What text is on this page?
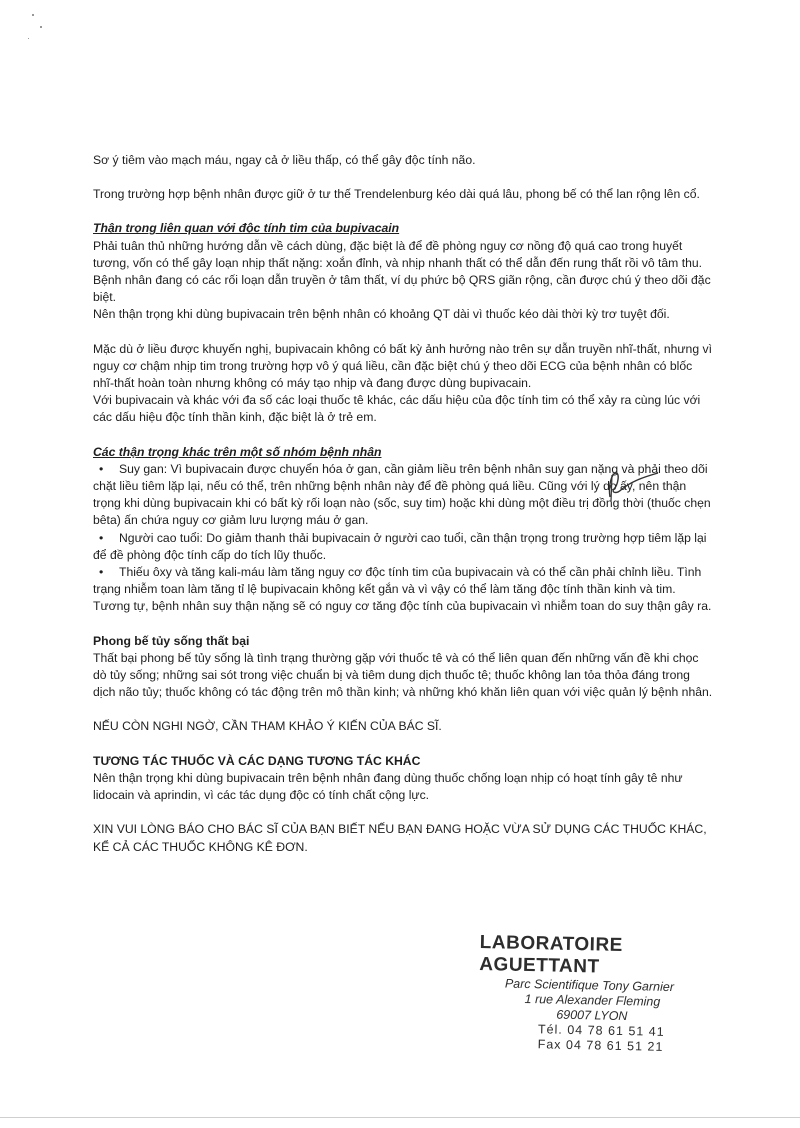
Sơ ý tiêm vào mạch máu, ngay cả ở liều thấp, có thể gây độc tính não.

Trong trường hợp bệnh nhân được giữ ở tư thế Trendelenburg kéo dài quá lâu, phong bế có thể lan rộng lên cổ.

Thận trọng liên quan với độc tính tim của bupivacain

Phải tuân thủ những hướng dẫn về cách dùng, đặc biệt là để đề phòng nguy cơ nồng độ quá cao trong huyết tương, vốn có thể gây loạn nhịp thất nặng: xoắn đỉnh, và nhịp nhanh thất có thể dẫn đến rung thất rồi vô tâm thu.

Bệnh nhân đang có các rối loạn dẫn truyền ở tâm thất, ví dụ phức bộ QRS giãn rộng, cần được chú ý theo dõi đặc biệt.

Nên thận trọng khi dùng bupivacain trên bệnh nhân có khoảng QT dài vì thuốc kéo dài thời kỳ trơ tuyệt đối.

Mặc dù ở liều được khuyến nghị, bupivacain không có bất kỳ ảnh hưởng nào trên sự dẫn truyền nhĩ-thất, nhưng vì nguy cơ chậm nhịp tim trong trường hợp vô ý quá liều, cần đặc biệt chú ý theo dõi ECG của bệnh nhân có blốc nhĩ-thất hoàn toàn nhưng không có máy tạo nhịp và đang được dùng bupivacain.

Với bupivacain và khác với đa số các loại thuốc tê khác, các dấu hiệu của độc tính tim có thể xảy ra cùng lúc với các dấu hiệu độc tính thần kinh, đặc biệt là ở trẻ em.

Các thận trọng khác trên một số nhóm bệnh nhân

• Suy gan: Vì bupivacain được chuyển hóa ở gan, cần giảm liều trên bệnh nhân suy gan nặng và phải theo dõi chặt liều tiêm lặp lại, nếu có thể, trên những bệnh nhân này để đề phòng quá liều. Cũng với lý do ấy, nên thận trọng khi dùng bupivacain khi có bất kỳ rối loạn nào (sốc, suy tim) hoặc khi dùng một điều trị đồng thời (thuốc chẹn bêta) ấn chứa nguy cơ giảm lưu lượng máu ở gan.

• Người cao tuổi: Do giảm thanh thải bupivacain ở người cao tuổi, cần thận trọng trong trường hợp tiêm lặp lại để đề phòng độc tính cấp do tích lũy thuốc.

• Thiếu ôxy và tăng kali-máu làm tăng nguy cơ độc tính tim của bupivacain và có thể cần phải chỉnh liều. Tình trạng nhiễm toan làm tăng tỉ lệ bupivacain không kết gắn và vì vậy có thể làm tăng độc tính thần kinh và tim. Tương tự, bệnh nhân suy thận nặng sẽ có nguy cơ tăng độc tính của bupivacain vì nhiễm toan do suy thận gây ra.

Phong bế tủy sống thất bại

Thất bại phong bế tủy sống là tình trạng thường gặp với thuốc tê và có thể liên quan đến những vấn đề khi chọc dò tủy sống; những sai sót trong việc chuẩn bị và tiêm dung dịch thuốc tê; thuốc không lan tỏa thỏa đáng trong dịch não tủy; thuốc không có tác động trên mô thần kinh; và những khó khăn liên quan với việc quản lý bệnh nhân.

NẾU CÒN NGHI NGỜ, CẦN THAM KHẢO Ý KIẾN CỦA BÁC SĨ.

TƯƠNG TÁC THUỐC VÀ CÁC DẠNG TƯƠNG TÁC KHÁC

Nên thận trọng khi dùng bupivacain trên bệnh nhân đang dùng thuốc chống loạn nhịp có hoạt tính gây tê như lidocain và aprindin, vì các tác dụng độc có tính chất cộng lực.

XIN VUI LÒNG BÁO CHO BÁC SĨ CỦA BẠN BIẾT NẾU BẠN ĐANG HOẶC VỪA SỬ DỤNG CÁC THUỐC KHÁC, KỂ CẢ CÁC THUỐC KHÔNG KÊ ĐƠN.

LABORATOIRE AGUETTANT
Parc Scientifique Tony Garnier
1 rue Alexander Fleming
69007 LYON
Tél. 04 78 61 51 41
Fax 04 78 61 51 21
